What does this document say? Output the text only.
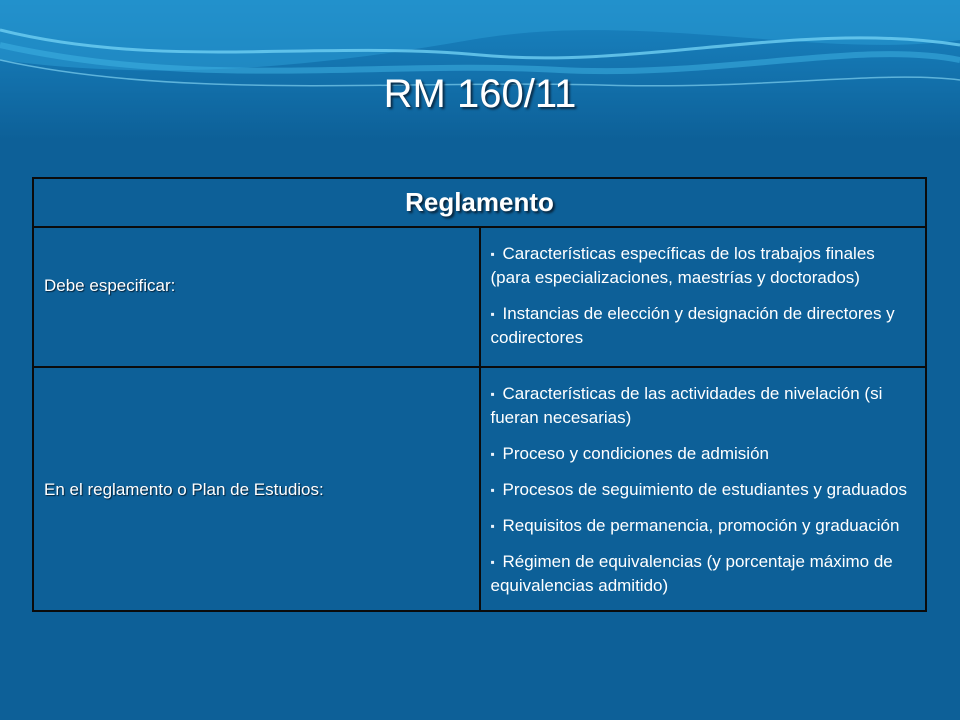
RM 160/11
Reglamento	
Debe especificar:	▪ Características específicas de los trabajos finales (para especializaciones, maestrías y doctorados)

▪ Instancias de elección y designación de directores y codirectores

En el reglamento o Plan de Estudios:	▪ Características de las actividades de nivelación (si fueran necesarias)

▪ Proceso y condiciones de admisión

▪ Procesos de seguimiento de estudiantes y graduados

▪ Requisitos de permanencia, promoción y graduación

▪ Régimen de equivalencias (y porcentaje máximo de equivalencias admitido)
